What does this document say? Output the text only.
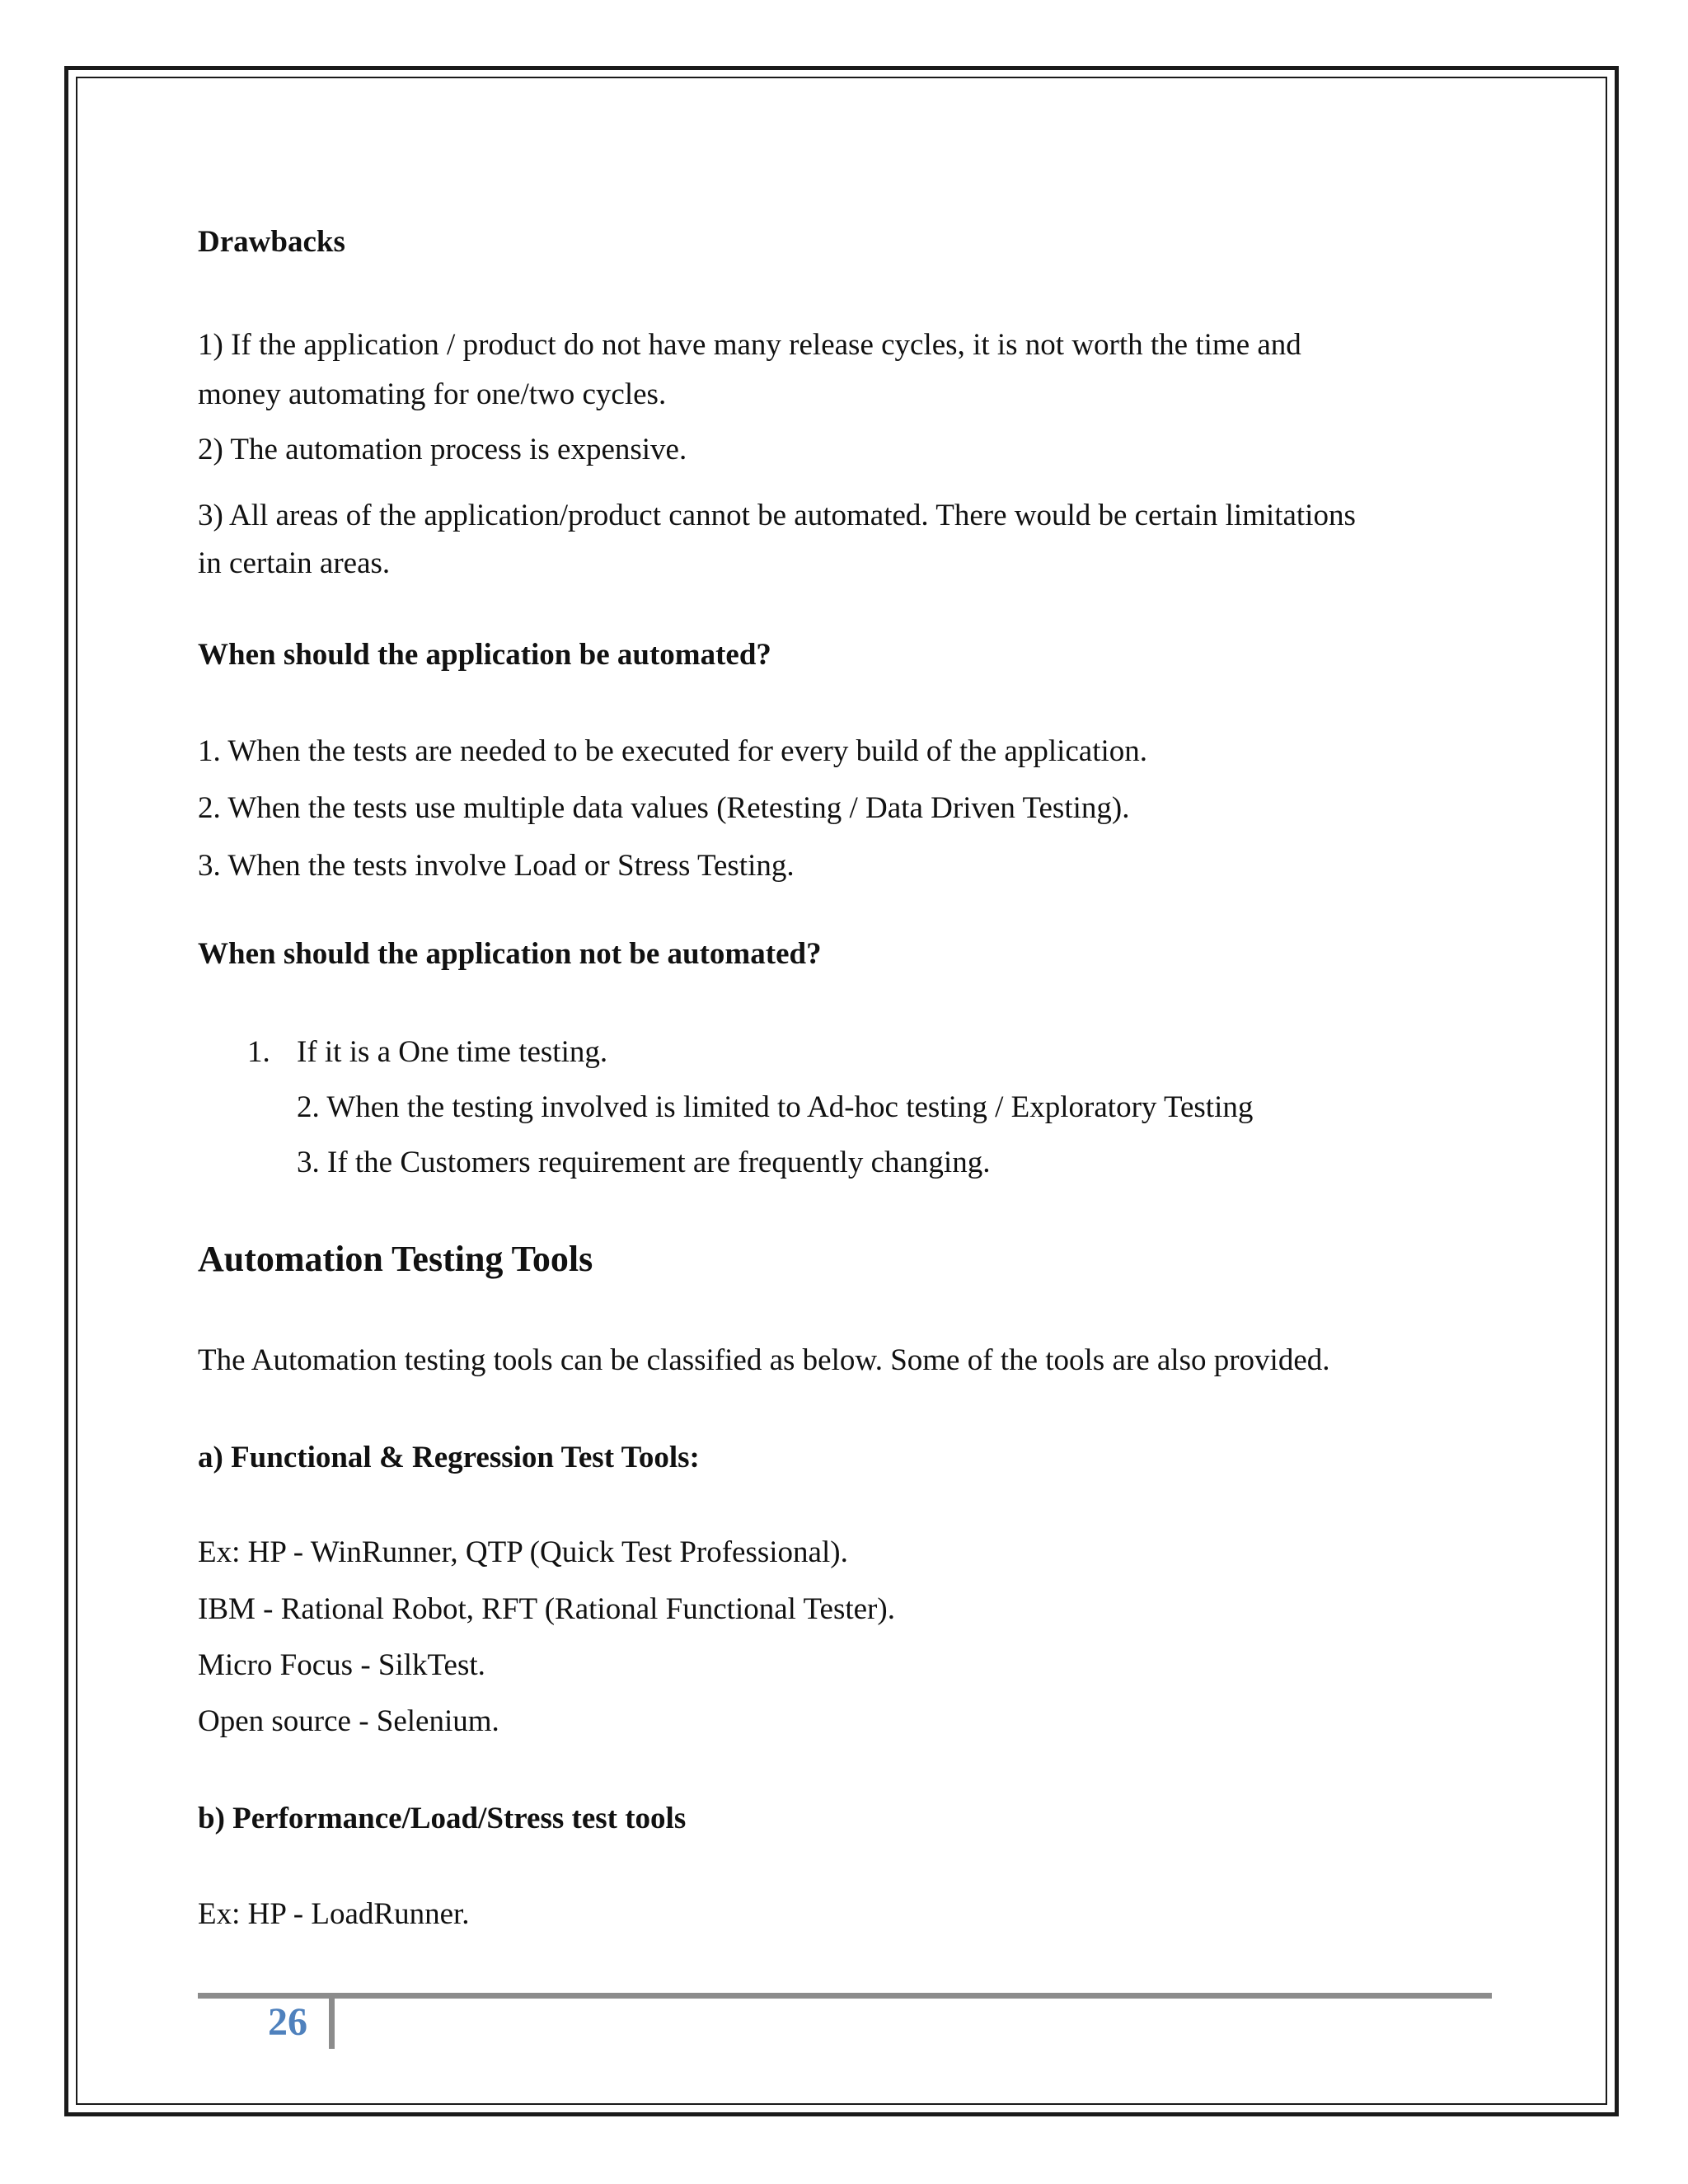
Drawbacks
1) If the application / product do not have many release cycles, it is not worth the time and
money automating for one/two cycles.
2) The automation process is expensive.
3) All areas of the application/product cannot be automated. There would be certain limitations
in certain areas.
When should the application be automated?
1. When the tests are needed to be executed for every build of the application.
2. When the tests use multiple data values (Retesting / Data Driven Testing).
3. When the tests involve Load or Stress Testing.
When should the application not be automated?
1. If it is a One time testing.
2. When the testing involved is limited to Ad-hoc testing / Exploratory Testing
3. If the Customers requirement are frequently changing.
Automation Testing Tools
The Automation testing tools can be classified as below. Some of the tools are also provided.
a) Functional & Regression Test Tools:
Ex: HP - WinRunner, QTP (Quick Test Professional).
IBM - Rational Robot, RFT (Rational Functional Tester).
Micro Focus - SilkTest.
Open source - Selenium.
b) Performance/Load/Stress test tools
Ex: HP - LoadRunner.
26
